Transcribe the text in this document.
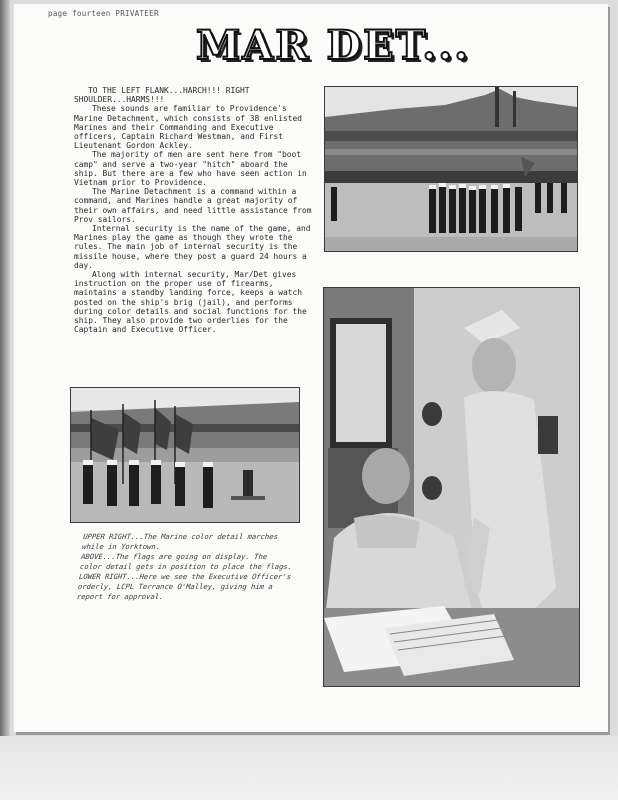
page fourteen PRIVATEER
MAR DET...

TO THE LEFT FLANK...HARCH!!! RIGHT SHOULDER...HARMS!!!

These sounds are familiar to Providence's Marine Detachment, which consists of 38 enlisted Marines and their Commanding and Executive officers, Captain Richard Westman, and First Lieutenant Gordon Ackley.

The majority of men are sent here from "boot camp" and serve a two-year "hitch" aboard the ship. But there are a few who have seen action in Vietnam prior to Providence.

The Marine Detachment is a command within a command, and Marines handle a great majority of their own affairs, and need little assistance from Prov sailors.

Internal security is the name of the game, and Marines play the game as though they wrote the rules. The main job of internal security is the missile house, where they post a guard 24 hours a day.

Along with internal security, Mar/Det gives instruction on the proper use of firearms, maintains a standby landing force, keeps a watch posted on the ship's brig (jail), and performs during color details and social functions for the ship. They also provide two orderlies for the Captain and Executive Officer.

UPPER RIGHT...The Marine color detail marches
while in Yorktown.
ABOVE...The flags are going on display. The
color detail gets in position to place the flags.
LOWER RIGHT...Here we see the Executive Officer's
orderly, LCPL Terrance O'Malley, giving him a
report for approval.
